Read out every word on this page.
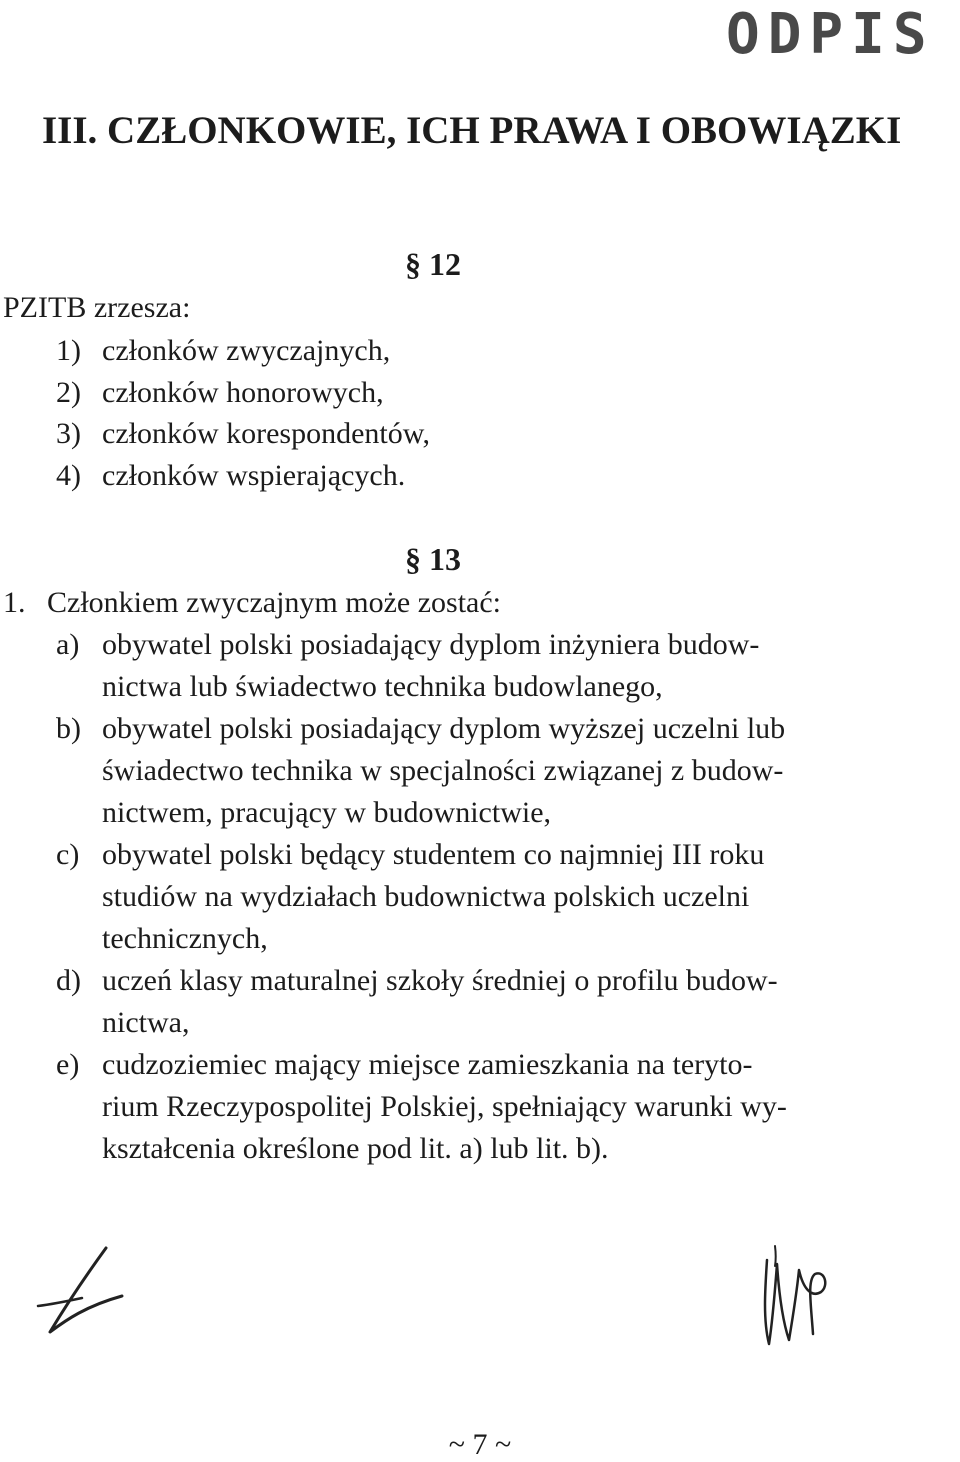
ODPIS
III. CZŁONKOWIE, ICH PRAWA I OBOWIĄZKI
§ 12
PZITB zrzesza:
1) członków zwyczajnych,
2) członków honorowych,
3) członków korespondentów,
4) członków wspierających.
§ 13
1. Członkiem zwyczajnym może zostać:
a) obywatel polski posiadający dyplom inżyniera budow-
nictwa lub świadectwo technika budowlanego,
b) obywatel polski posiadający dyplom wyższej uczelni lub
świadectwo technika w specjalności związanej z budow-
nictwem, pracujący w budownictwie,
c) obywatel polski będący studentem co najmniej III roku
studiów na wydziałach budownictwa polskich uczelni
technicznych,
d) uczeń klasy maturalnej szkoły średniej o profilu budow-
nictwa,
e) cudzoziemiec mający miejsce zamieszkania na teryto-
rium Rzeczypospolitej Polskiej, spełniający warunki wy-
kształcenia określone pod lit. a) lub lit. b).
~ 7 ~
